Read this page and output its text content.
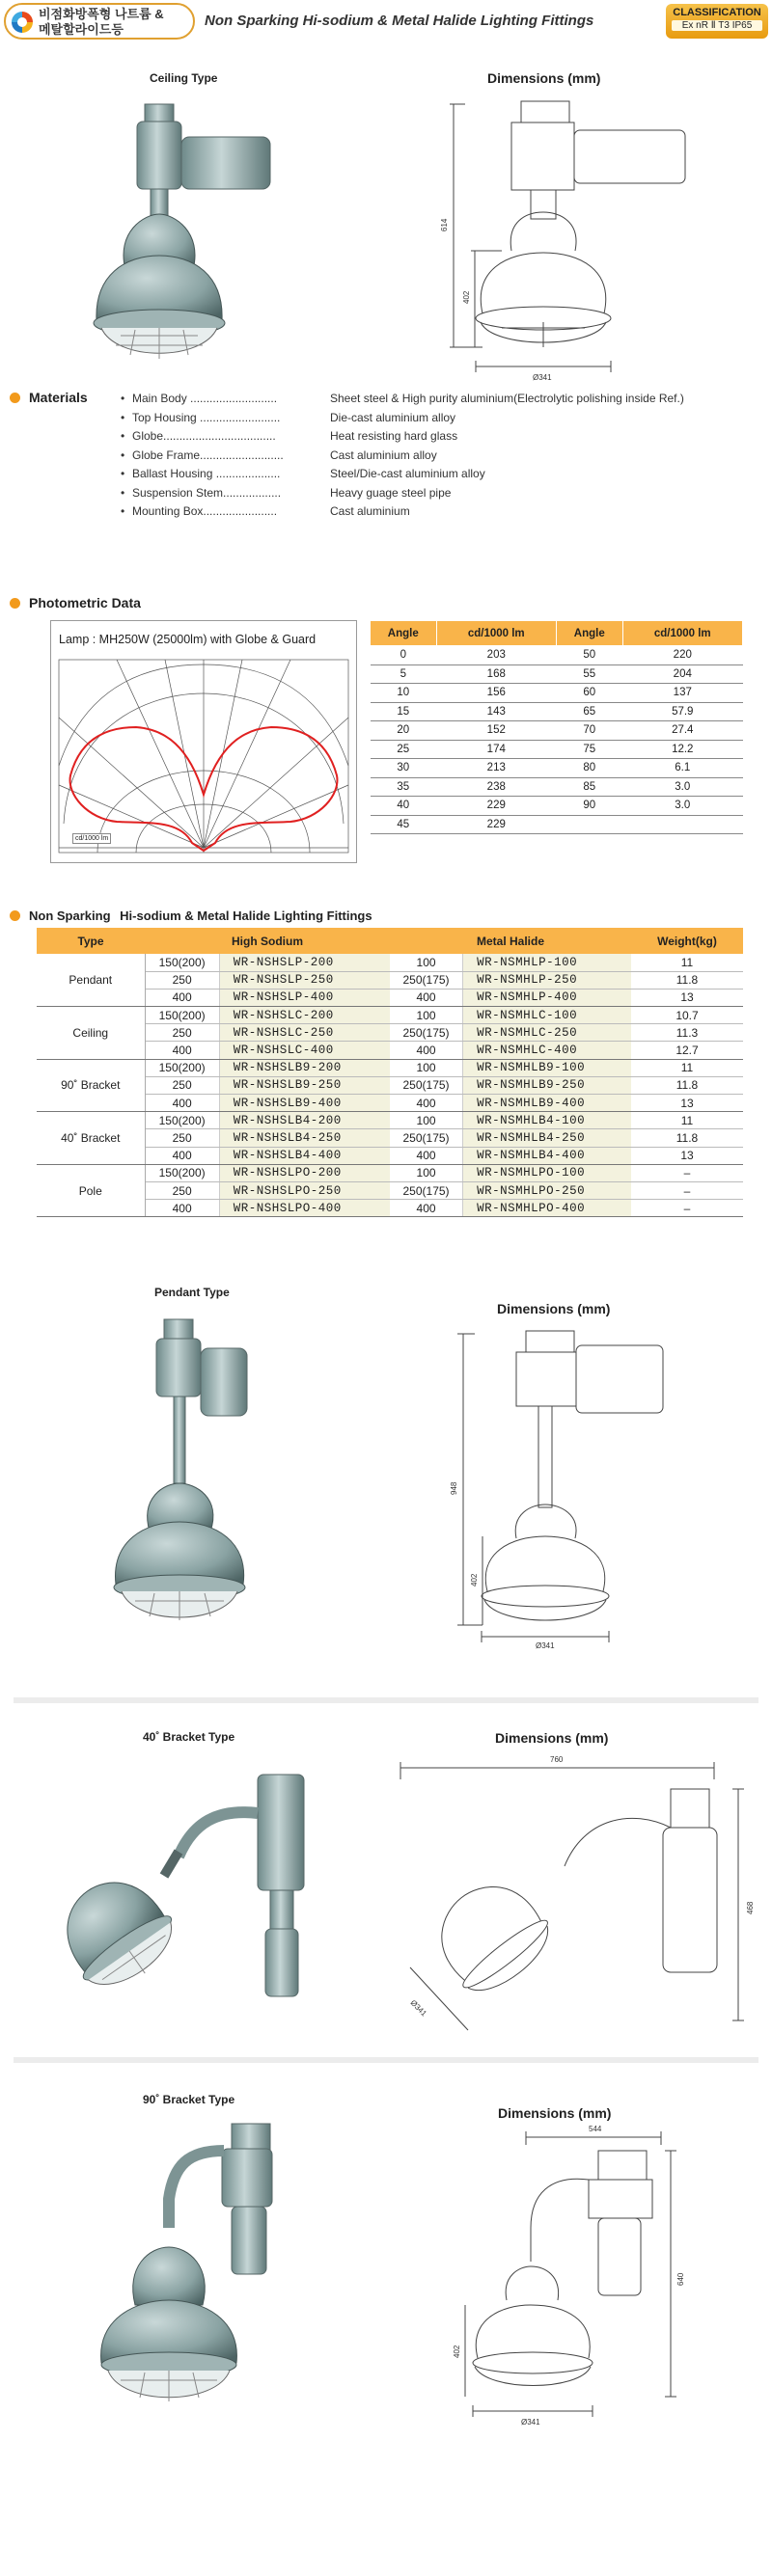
비점화방폭형 나트륨 &
메탈할라이드등
Non Sparking Hi-sodium & Metal Halide Lighting Fittings	CLASSIFICATION
Ex nR Ⅱ T3 IP65
Ceiling Type	Dimensions (mm)
614
402
Ø341
Materials	• Main Body ...........................	Sheet steel & High purity aluminium(Electrolytic polishing inside Ref.)
• Top Housing .........................	Die-cast aluminium alloy
• Globe...................................	Heat resisting hard glass
• Globe Frame..........................	Cast aluminium alloy
• Ballast Housing ....................	Steel/Die-cast aluminium alloy
• Suspension Stem..................	Heavy guage steel pipe
• Mounting Box.......................	Cast aluminium
Photometric Data
Lamp : MH250W (25000lm) with Globe & Guard
cd/1000 lm
Angle	cd/1000 lm	Angle	cd/1000 lm
0	203	50	220
5	168	55	204
10	156	60	137
15	143	65	57.9
20	152	70	27.4
25	174	75	12.2
30	213	80	6.1
35	238	85	3.0
40	229	90	3.0
45	229		
Non Sparking Hi-sodium & Metal Halide Lighting Fittings
Type	High Sodium		Metal Halide		Weight(kg)
Pendant	150(200)	WR-NSHSLP-200	100	WR-NSMHLP-100	11
	250	WR-NSHSLP-250	250(175)	WR-NSMHLP-250	11.8
	400	WR-NSHSLP-400	400	WR-NSMHLP-400	13
Ceiling	150(200)	WR-NSHSLC-200	100	WR-NSMHLC-100	10.7
	250	WR-NSHSLC-250	250(175)	WR-NSMHLC-250	11.3
	400	WR-NSHSLC-400	400	WR-NSMHLC-400	12.7
90˚ Bracket	150(200)	WR-NSHSLB9-200	100	WR-NSMHLB9-100	11
	250	WR-NSHSLB9-250	250(175)	WR-NSMHLB9-250	11.8
	400	WR-NSHSLB9-400	400	WR-NSMHLB9-400	13
40˚ Bracket	150(200)	WR-NSHSLB4-200	100	WR-NSMHLB4-100	11
	250	WR-NSHSLB4-250	250(175)	WR-NSMHLB4-250	11.8
	400	WR-NSHSLB4-400	400	WR-NSMHLB4-400	13
Pole	150(200)	WR-NSHSLPO-200	100	WR-NSMHLPO-100	–
	250	WR-NSHSLPO-250	250(175)	WR-NSMHLPO-250	–
	400	WR-NSHSLPO-400	400	WR-NSMHLPO-400	–
Pendant Type
Dimensions (mm)
948
402
Ø341
40˚ Bracket Type	Dimensions (mm)
760
468
Ø341
90˚ Bracket Type
Dimensions (mm)
544
640
402
Ø341
